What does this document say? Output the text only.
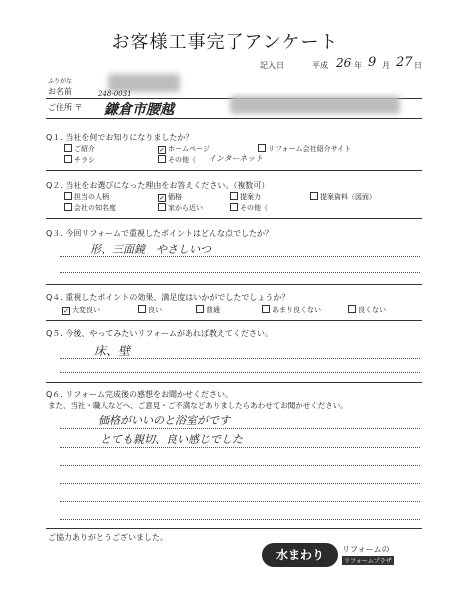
お客様工事完了アンケート
記入日	平成 26 年 9 月 27 日
ふりがな
お名前
ご住所 〒
248-0031
鎌倉市腰越
Q１. 当社を何でお知りになりましたか？
ご紹介	✓ ホームページ	リフォーム会社紹介サイト
チラシ	その他（ インターネット
Q２. 当社をお選びになった理由をお答えください。（複数可）
担当の人柄	✓ 価格	提案力	提案資料（図面）
会社の知名度	家から近い	その他（
Q３. 今回リフォームで重視したポイントはどんな点でしたか？
形、三面鏡　やさしいつ
Q４. 重視したポイントの効果、満足度はいかがでしたでしょうか？
✓ 大変良い	良い	普通	あまり良くない	良くない
Q５. 今後、やってみたいリフォームがあれば教えてください。
床、壁
Q６. リフォーム完成後の感想をお聞かせください。
また、当社・職人などへ、ご意見・ご不満などありましたらあわせてお聞かせください。
価格がいいのと浴室がです
とても親切、良い感じでした
ご協力ありがとうございました。
水まわり	リフォームの
リフォームプラザ
